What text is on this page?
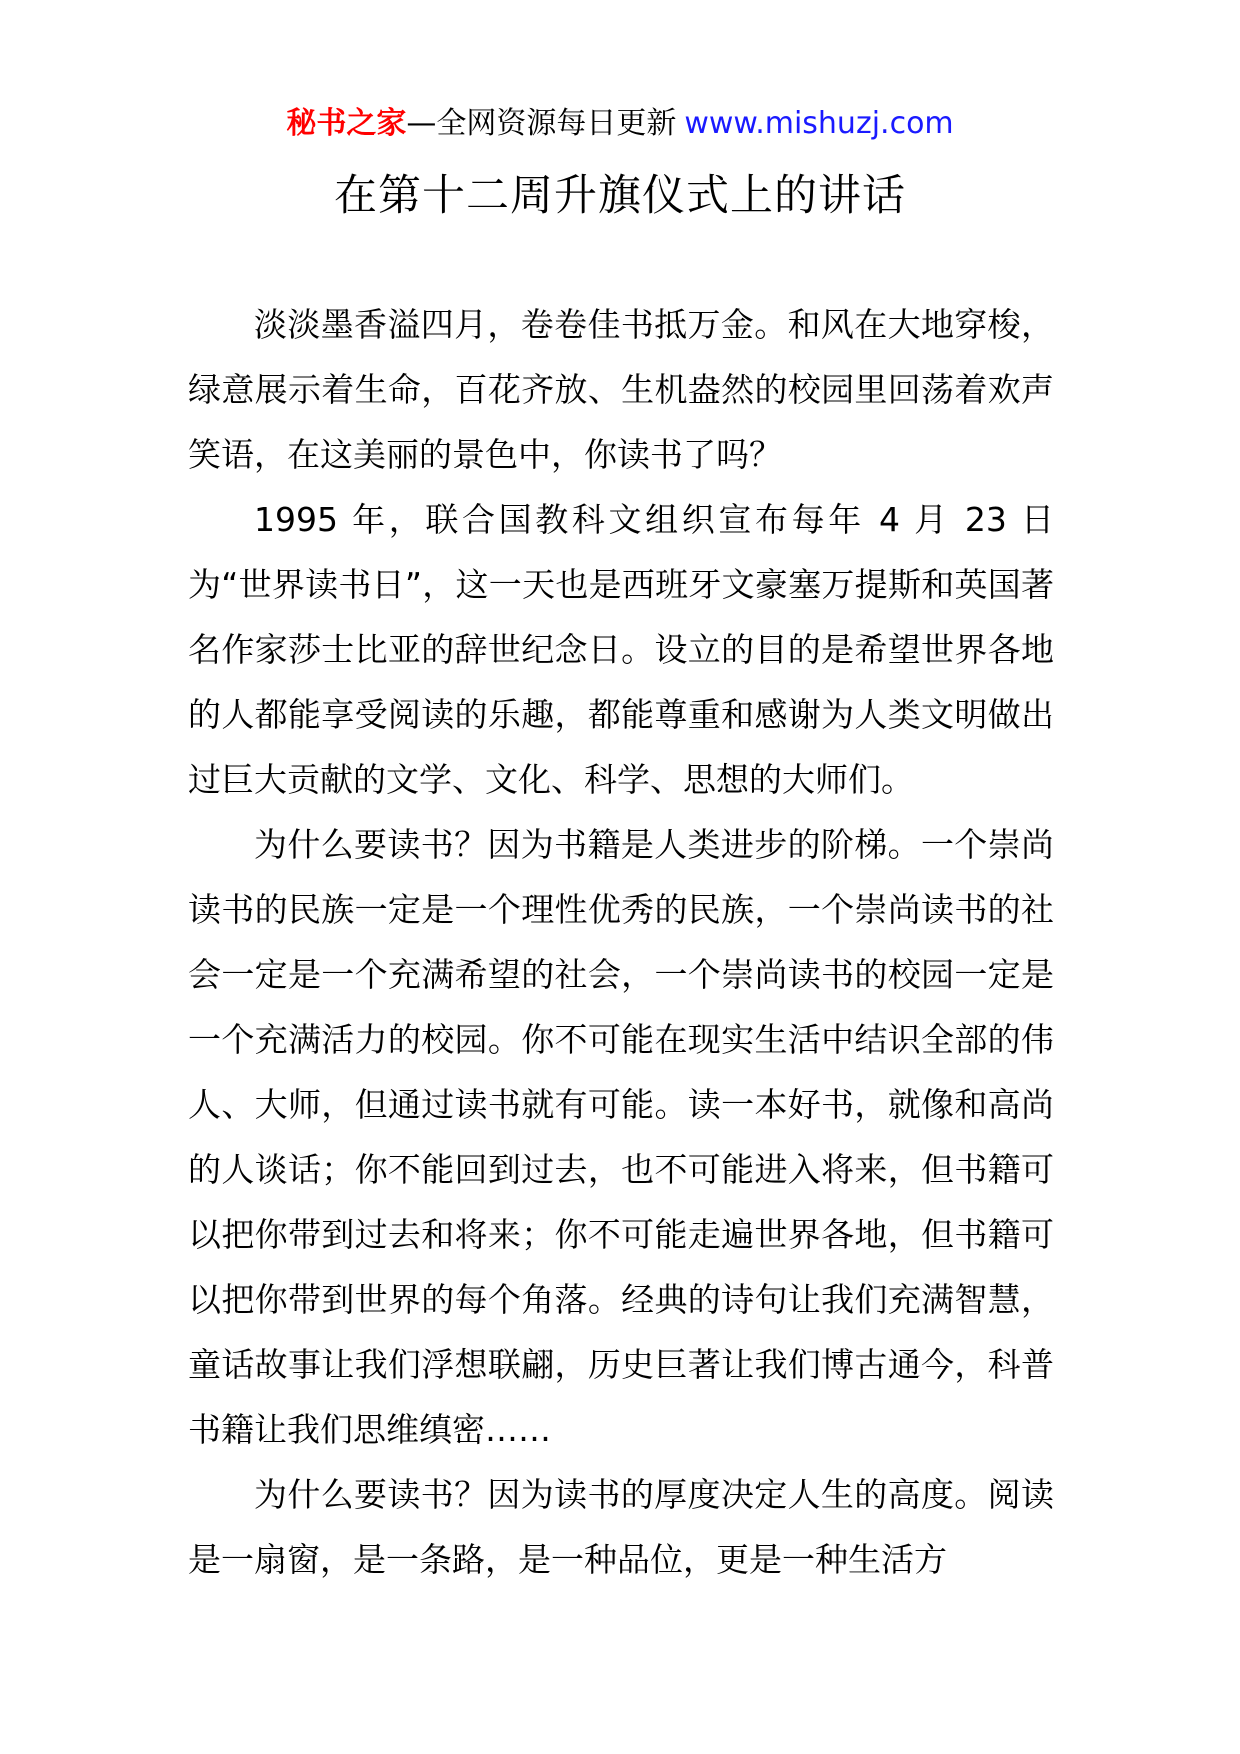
秘书之家—全网资源每日更新 www.mishuzj.com
在第十二周升旗仪式上的讲话

淡淡墨香溢四月，卷卷佳书抵万金。和风在大地穿梭，绿意展示着生命，百花齐放、生机盎然的校园里回荡着欢声笑语，在这美丽的景色中，你读书了吗？

1995 年，联合国教科文组织宣布每年 4 月 23 日为“世界读书日”，这一天也是西班牙文豪塞万提斯和英国著名作家莎士比亚的辞世纪念日。设立的目的是希望世界各地的人都能享受阅读的乐趣，都能尊重和感谢为人类文明做出过巨大贡献的文学、文化、科学、思想的大师们。

为什么要读书？因为书籍是人类进步的阶梯。一个崇尚读书的民族一定是一个理性优秀的民族，一个崇尚读书的社会一定是一个充满希望的社会，一个崇尚读书的校园一定是一个充满活力的校园。你不可能在现实生活中结识全部的伟人、大师，但通过读书就有可能。读一本好书，就像和高尚的人谈话；你不能回到过去，也不可能进入将来，但书籍可以把你带到过去和将来；你不可能走遍世界各地，但书籍可以把你带到世界的每个角落。经典的诗句让我们充满智慧，童话故事让我们浮想联翩，历史巨著让我们博古通今，科普书籍让我们思维缜密……

为什么要读书？因为读书的厚度决定人生的高度。阅读是一扇窗，是一条路，是一种品位，更是一种生活方
